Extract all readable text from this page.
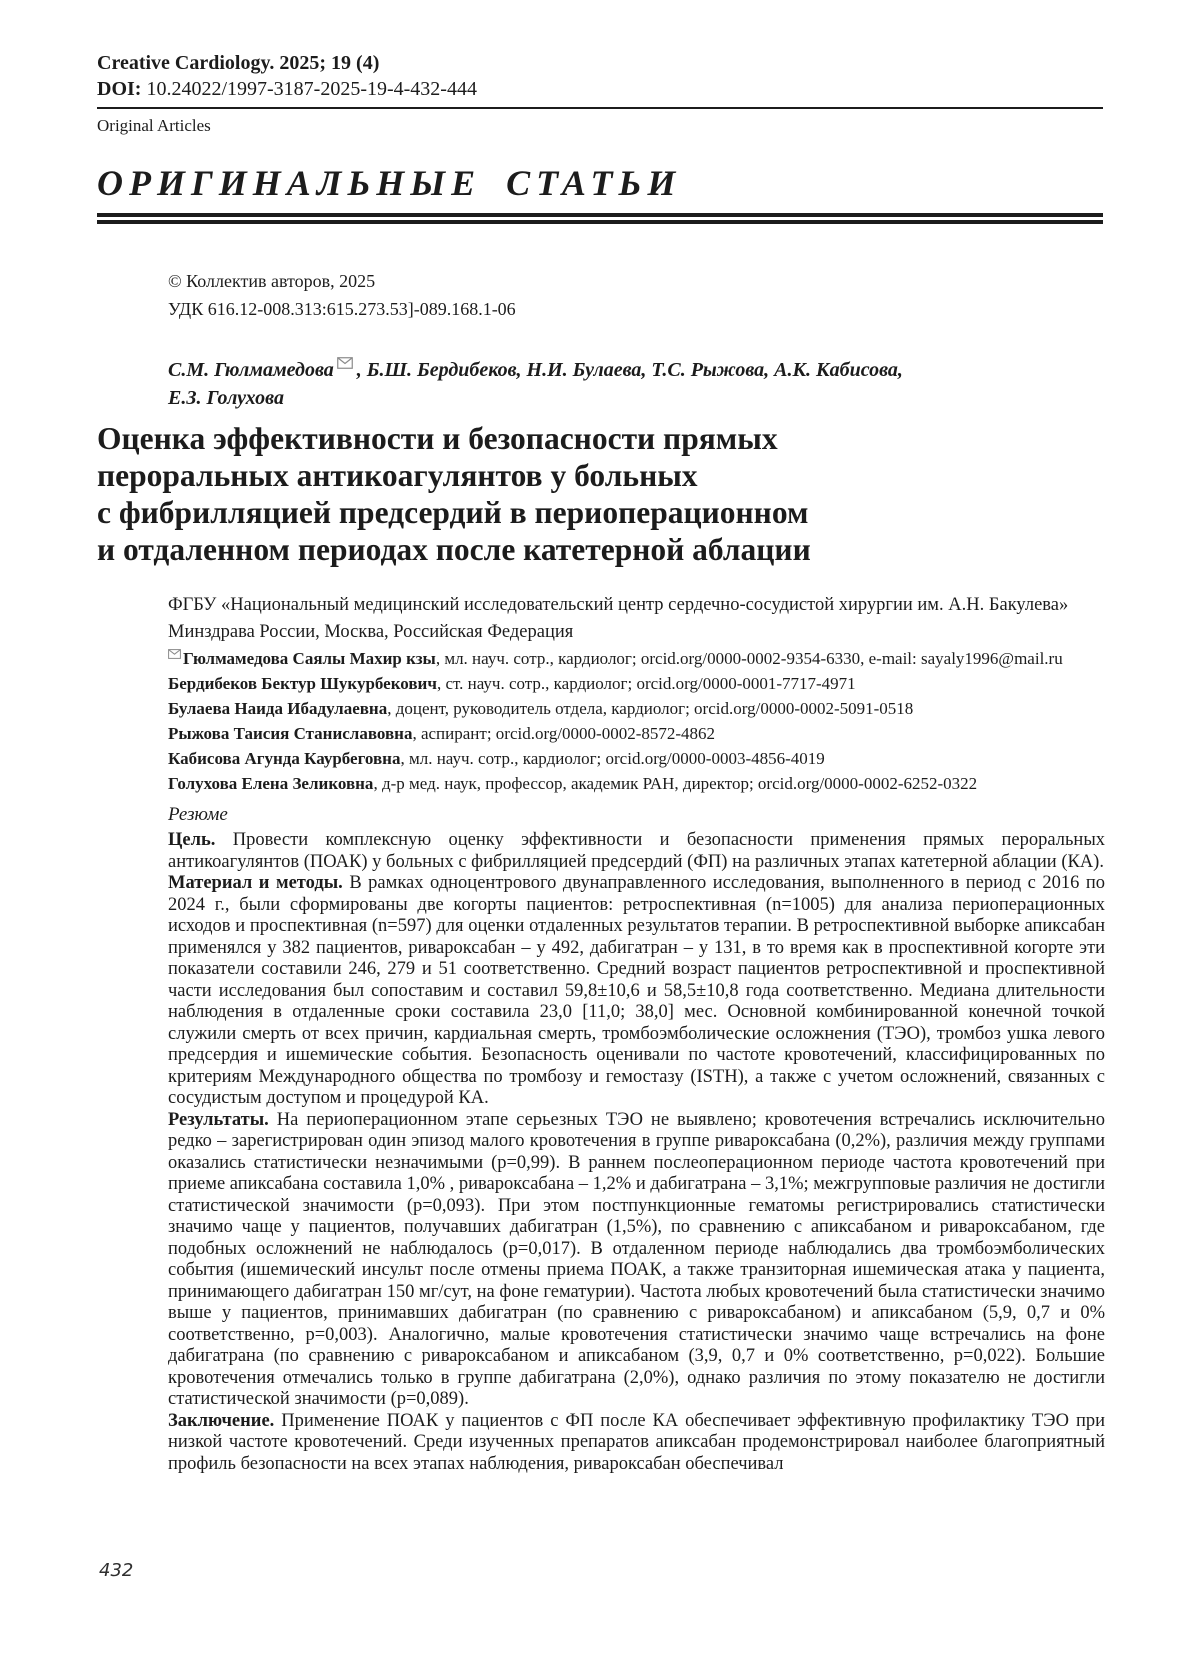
Creative Cardiology. 2025; 19 (4)
DOI: 10.24022/1997-3187-2025-19-4-432-444
Original Articles
ОРИГИНАЛЬНЫЕ СТАТЬИ
© Коллектив авторов, 2025
УДК 616.12-008.313:615.273.53]-089.168.1-06
С.М. Гюлмамедова , Б.Ш. Бердибеков, Н.И. Булаева, Т.С. Рыжова, А.К. Кабисова,
Е.З. Голухова
Оценка эффективности и безопасности прямых
пероральных антикоагулянтов у больных
с фибрилляцией предсердий в периоперационном
и отдаленном периодах после катетерной аблации
ФГБУ «Национальный медицинский исследовательский центр сердечно-сосудистой хирургии им. А.Н. Бакулева»
Минздрава России, Москва, Российская Федерация
Гюлмамедова Саялы Махир кзы, мл. науч. сотр., кардиолог; orcid.org/0000-0002-9354-6330, e-mail: sayaly1996@mail.ru
Бердибеков Бектур Шукурбекович, ст. науч. сотр., кардиолог; orcid.org/0000-0001-7717-4971
Булаева Наида Ибадулаевна, доцент, руководитель отдела, кардиолог; orcid.org/0000-0002-5091-0518
Рыжова Таисия Станиславовна, аспирант; orcid.org/0000-0002-8572-4862
Кабисова Агунда Каурбеговна, мл. науч. сотр., кардиолог; orcid.org/0000-0003-4856-4019
Голухова Елена Зеликовна, д-р мед. наук, профессор, академик РАН, директор; orcid.org/0000-0002-6252-0322
Резюме

Цель. Провести комплексную оценку эффективности и безопасности применения прямых пероральных антикоагулянтов (ПОАК) у больных с фибрилляцией предсердий (ФП) на различных этапах катетерной аблации (КА).

Материал и методы. В рамках одноцентрового двунаправленного исследования, выполненного в период с 2016 по 2024 г., были сформированы две когорты пациентов: ретроспективная (n=1005) для анализа периоперационных исходов и проспективная (n=597) для оценки отдаленных результатов терапии. В ретроспективной выборке апиксабан применялся у 382 пациентов, ривароксабан – у 492, дабигатран – у 131, в то время как в проспективной когорте эти показатели составили 246, 279 и 51 соответственно. Средний возраст пациентов ретроспективной и проспективной части исследования был сопоставим и составил 59,8±10,6 и 58,5±10,8 года соответственно. Медиана длительности наблюдения в отдаленные сроки составила 23,0 [11,0; 38,0] мес. Основной комбинированной конечной точкой служили смерть от всех причин, кардиальная смерть, тромбоэмболические осложнения (ТЭО), тромбоз ушка левого предсердия и ишемические события. Безопасность оценивали по частоте кровотечений, классифицированных по критериям Международного общества по тромбозу и гемостазу (ISTH), а также с учетом осложнений, связанных с сосудистым доступом и процедурой КА.

Результаты. На периоперационном этапе серьезных ТЭО не выявлено; кровотечения встречались исключительно редко – зарегистрирован один эпизод малого кровотечения в группе ривароксабана (0,2%), различия между группами оказались статистически незначимыми (p=0,99). В раннем послеоперационном периоде частота кровотечений при приеме апиксабана составила 1,0% , ривароксабана – 1,2% и дабигатрана – 3,1%; межгрупповые различия не достигли статистической значимости (p=0,093). При этом постпункционные гематомы регистрировались статистически значимо чаще у пациентов, получавших дабигатран (1,5%), по сравнению с апиксабаном и ривароксабаном, где подобных осложнений не наблюдалось (p=0,017). В отдаленном периоде наблюдались два тромбоэмболических события (ишемический инсульт после отмены приема ПОАК, а также транзиторная ишемическая атака у пациента, принимающего дабигатран 150 мг/сут, на фоне гематурии). Частота любых кровотечений была статистически значимо выше у пациентов, принимавших дабигатран (по сравнению с ривароксабаном) и апиксабаном (5,9, 0,7 и 0% соответственно, p=0,003). Аналогично, малые кровотечения статистически значимо чаще встречались на фоне дабигатрана (по сравнению с ривароксабаном и апиксабаном (3,9, 0,7 и 0% соответственно, p=0,022). Большие кровотечения отмечались только в группе дабигатрана (2,0%), однако различия по этому показателю не достигли статистической значимости (p=0,089).

Заключение. Применение ПОАК у пациентов с ФП после КА обеспечивает эффективную профилактику ТЭО при низкой частоте кровотечений. Среди изученных препаратов апиксабан продемонстрировал наиболее благоприятный профиль безопасности на всех этапах наблюдения, ривароксабан обеспечивал

432
